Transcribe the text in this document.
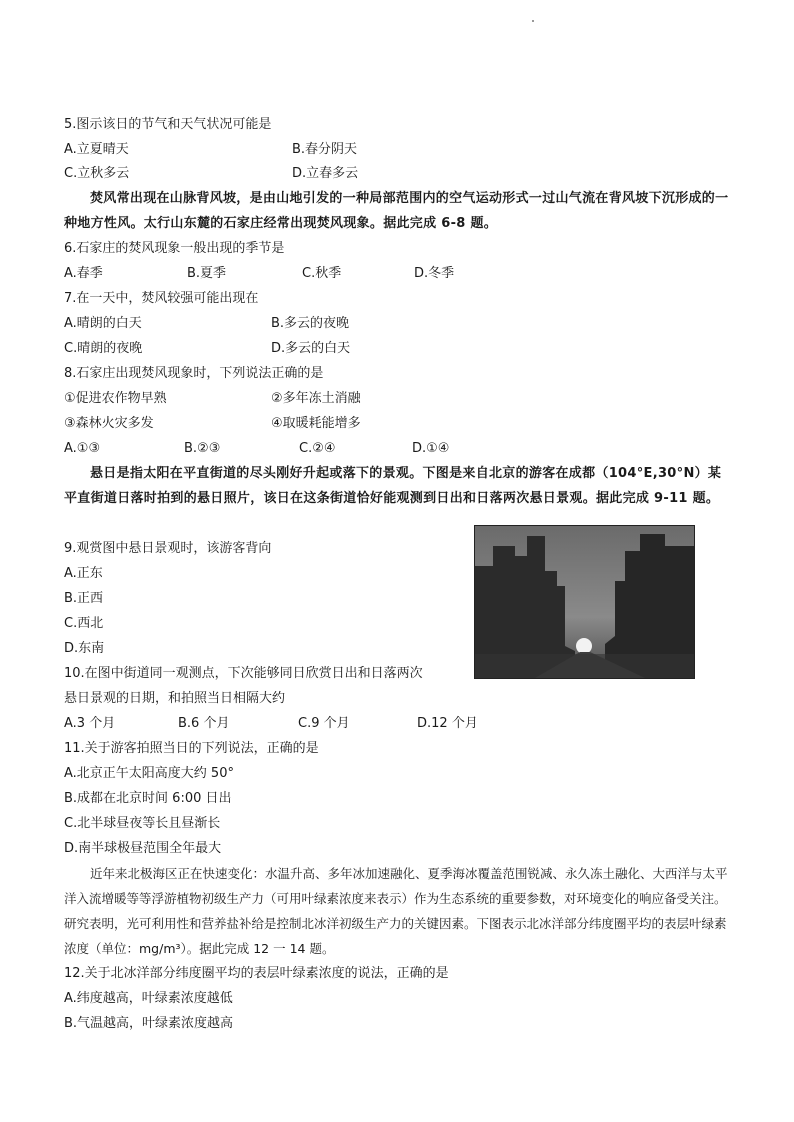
5.图示该日的节气和天气状况可能是
A.立夏晴天	B.春分阴天
C.立秋多云	D.立春多云
焚风常出现在山脉背风坡，是由山地引发的一种局部范围内的空气运动形式一过山气流在背风坡下沉形成的一种地方性风。太行山东麓的石家庄经常出现焚风现象。据此完成 6-8 题。
6.石家庄的焚风现象一般出现的季节是
A.春季	B.夏季	C.秋季	D.冬季
7.在一天中，焚风较强可能出现在
A.晴朗的白天	B.多云的夜晚
C.晴朗的夜晚	D.多云的白天
8.石家庄出现焚风现象时，下列说法正确的是
①促进农作物早熟	②多年冻土消融
③森林火灾多发	④取暖耗能增多
A.①③	B.②③	C.②④	D.①④
悬日是指太阳在平直街道的尽头刚好升起或落下的景观。下图是来自北京的游客在成都（104°E,30°N）某平直街道日落时拍到的悬日照片，该日在这条街道恰好能观测到日出和日落两次悬日景观。据此完成 9-11 题。
9.观赏图中悬日景观时，该游客背向
A.正东
B.正西
C.西北
D.东南
10.在图中街道同一观测点，下次能够同日欣赏日出和日落两次
悬日景观的日期，和拍照当日相隔大约
A.3 个月	B.6 个月	C.9 个月	D.12 个月
11.关于游客拍照当日的下列说法，正确的是
A.北京正午太阳高度大约 50°
B.成都在北京时间 6:00 日出
C.北半球昼夜等长且昼渐长
D.南半球极昼范围全年最大
近年来北极海区正在快速变化：水温升高、多年冰加速融化、夏季海冰覆盖范围锐减、永久冻土融化、大西洋与太平洋入流增暖等等浮游植物初级生产力（可用叶绿素浓度来表示）作为生态系统的重要参数，对环境变化的响应备受关注。研究表明，光可利用性和营养盐补给是控制北冰洋初级生产力的关键因素。下图表示北冰洋部分纬度圈平均的表层叶绿素浓度（单位：mg/m³）。据此完成 12 一 14 题。
12.关于北冰洋部分纬度圈平均的表层叶绿素浓度的说法，正确的是
A.纬度越高，叶绿素浓度越低
B.气温越高，叶绿素浓度越高
